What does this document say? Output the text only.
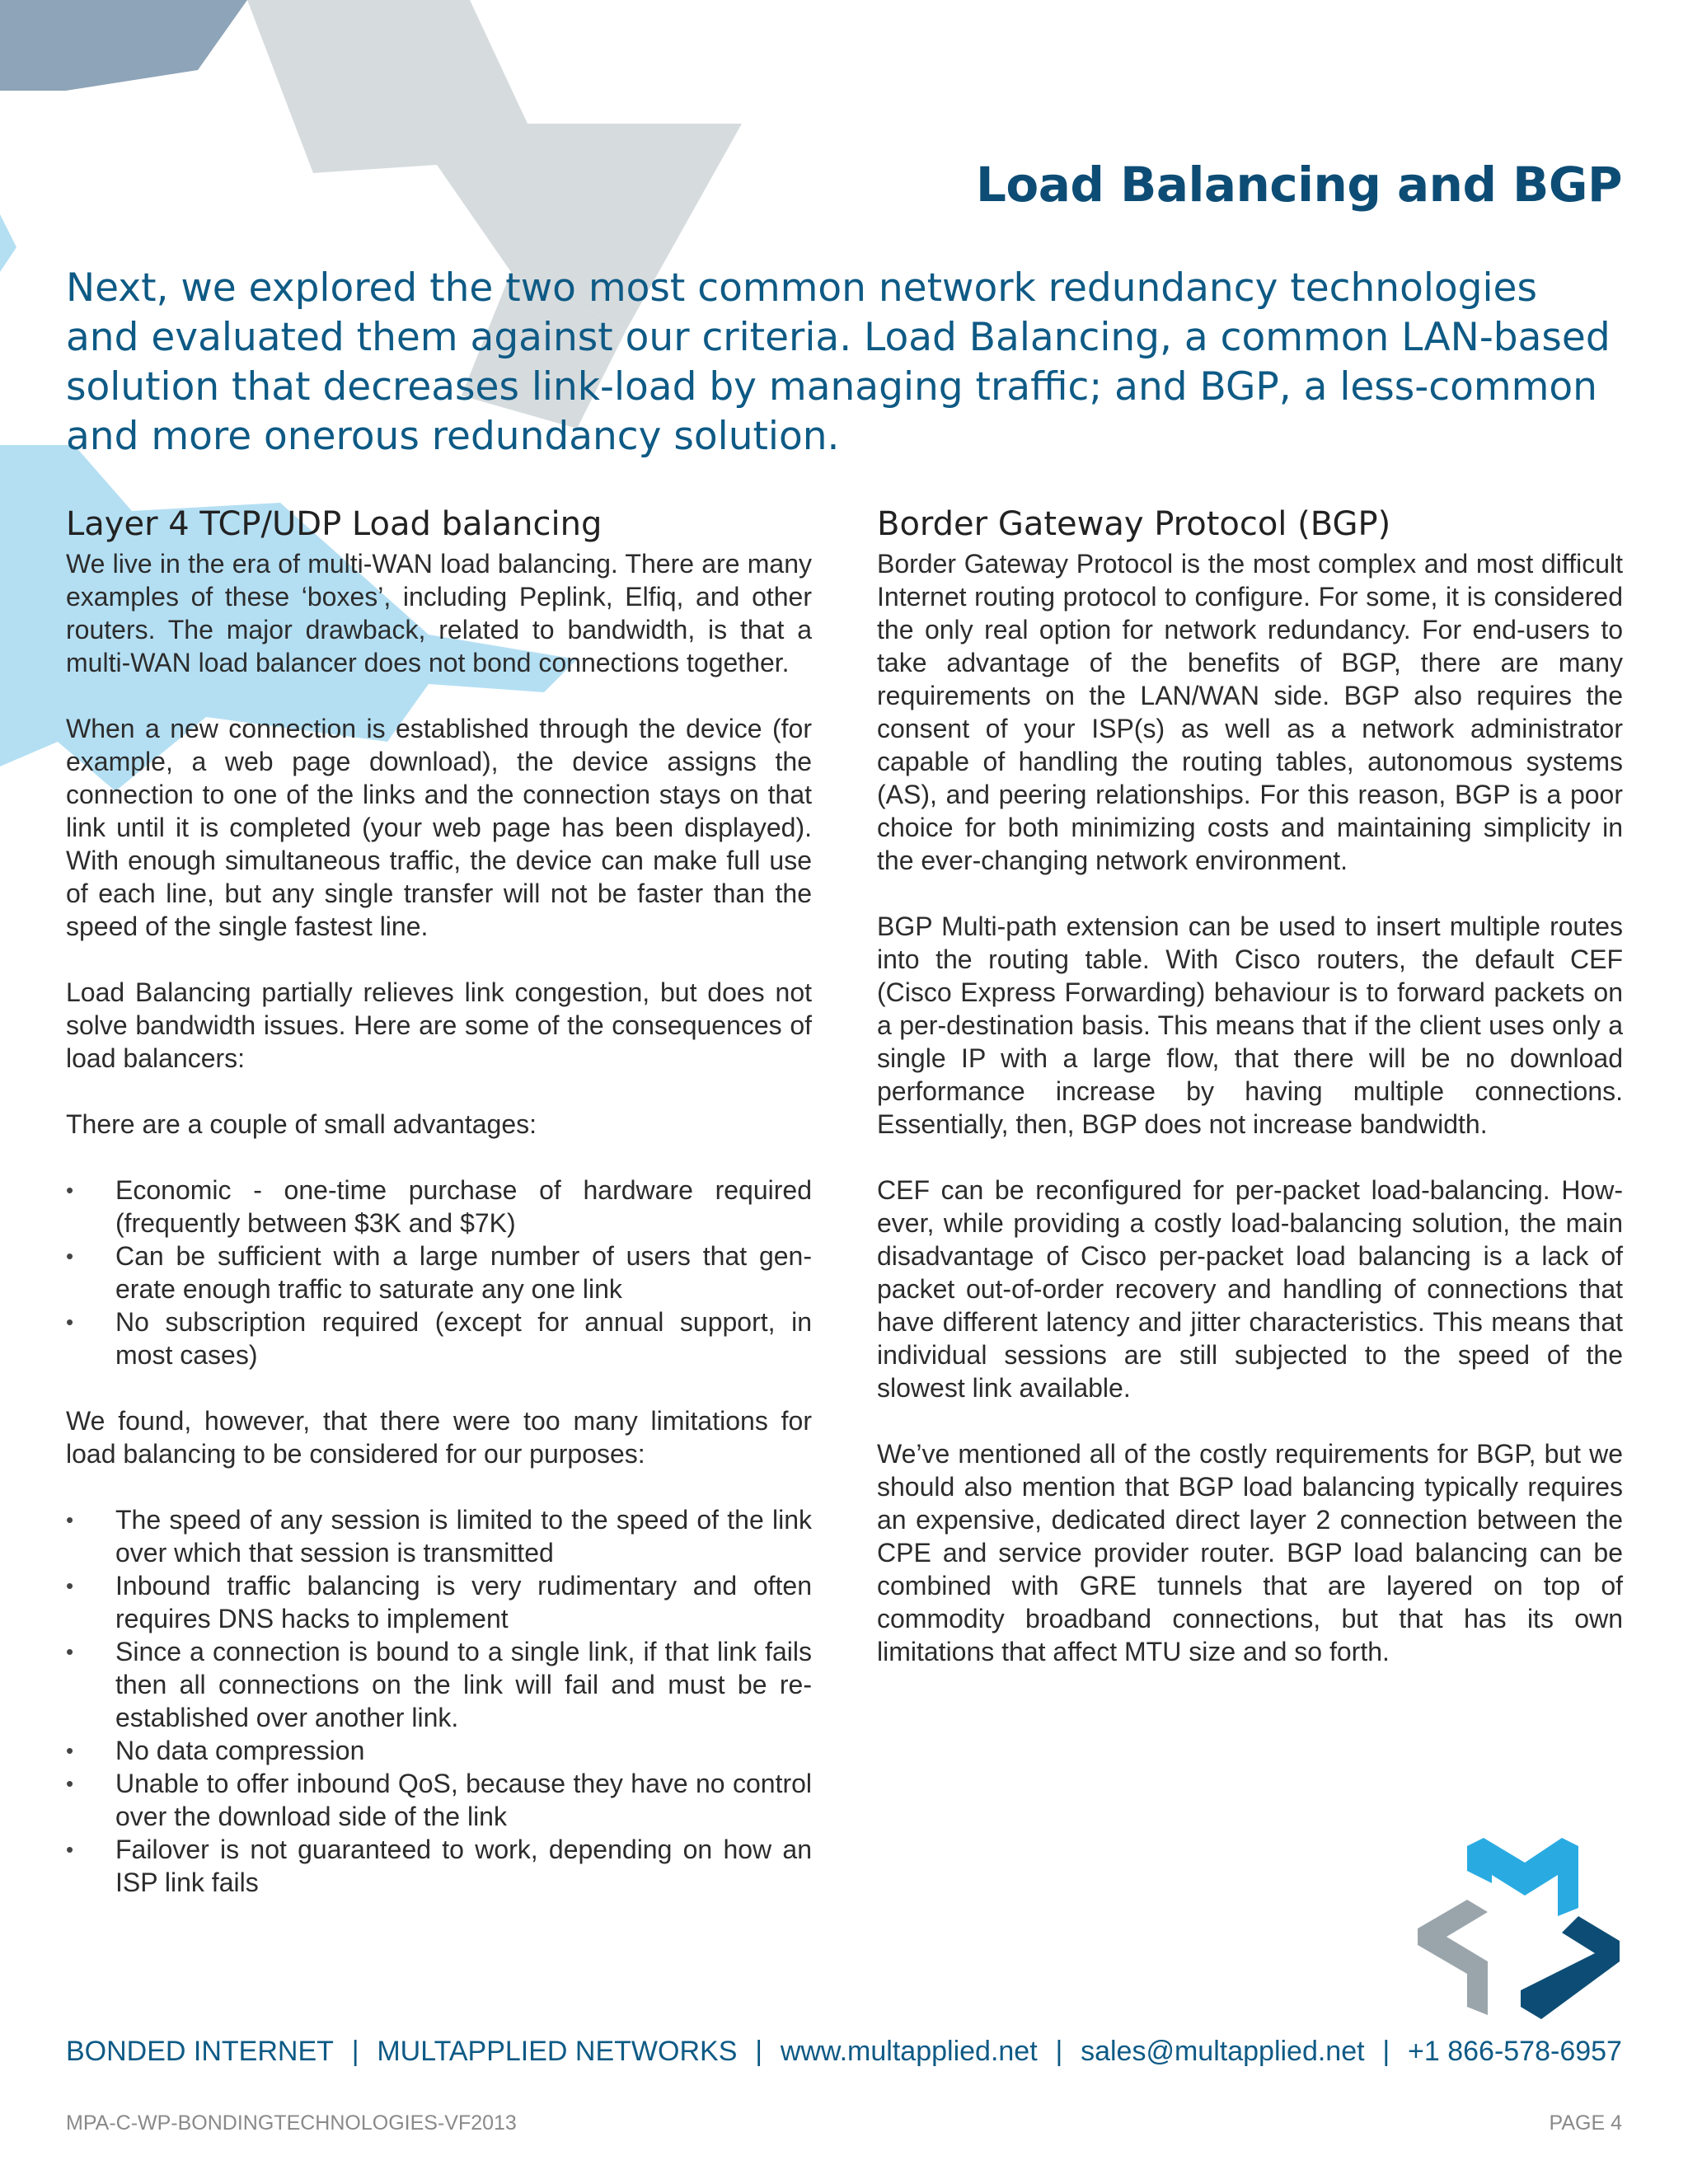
Load Balancing and BGP

Next, we explored the two most common network redundancy technologies and evaluated them against our criteria. Load Balancing, a common LAN-based solution that decreases link-load by managing traffic; and BGP, a less-common and more onerous redundancy solution.

Layer 4 TCP/UDP Load balancing

We live in the era of multi-WAN load balancing. There are many examples of these ‘boxes’, including Peplink, Elfiq, and other routers. The major drawback, related to bandwidth, is that a multi-WAN load balancer does not bond connections together.

When a new connection is established through the device (for example, a web page download), the device assigns the connection to one of the links and the connection stays on that link until it is completed (your web page has been displayed). With enough simultaneous traffic, the device can make full use of each line, but any single transfer will not be faster than the speed of the single fastest line.

Load Balancing partially relieves link congestion, but does not solve bandwidth issues. Here are some of the consequences of load balancers:

There are a couple of small advantages:

•	Economic - one-time purchase of hardware required (frequently between $3K and $7K)
•	Can be sufficient with a large number of users that generate enough traffic to saturate any one link
•	No subscription required (except for annual support, in most cases)

We found, however, that there were too many limitations for load balancing to be considered for our purposes:

•	The speed of any session is limited to the speed of the link over which that session is transmitted
•	Inbound traffic balancing is very rudimentary and often requires DNS hacks to implement
•	Since a connection is bound to a single link, if that link fails then all connections on the link will fail and must be re-established over another link.
•	No data compression
•	Unable to offer inbound QoS, because they have no control over the download side of the link
•	Failover is not guaranteed to work, depending on how an ISP link fails
Border Gateway Protocol (BGP)

Border Gateway Protocol is the most complex and most difficult Internet routing protocol to configure. For some, it is considered the only real option for network redundancy. For end-users to take advantage of the benefits of BGP, there are many requirements on the LAN/WAN side. BGP also requires the consent of your ISP(s) as well as a network administrator capable of handling the routing tables, autonomous systems (AS), and peering relationships. For this reason, BGP is a poor choice for both minimizing costs and maintaining simplicity in the ever-changing network environment.

BGP Multi-path extension can be used to insert multiple routes into the routing table. With Cisco routers, the default CEF (Cisco Express Forwarding) behaviour is to forward packets on a per-destination basis. This means that if the client uses only a single IP with a large flow, that there will be no download performance increase by having multiple connections. Essentially, then, BGP does not increase bandwidth.

CEF can be reconfigured for per-packet load-balancing. However, while providing a costly load-balancing solution, the main disadvantage of Cisco per-packet load balancing is a lack of packet out-of-order recovery and handling of connections that have different latency and jitter characteristics. This means that individual sessions are still subjected to the speed of the slowest link available.

We’ve mentioned all of the costly requirements for BGP, but we should also mention that BGP load balancing typically requires an expensive, dedicated direct layer 2 connection between the CPE and service provider router. BGP load balancing can be combined with GRE tunnels that are layered on top of commodity broadband connections, but that has its own limitations that affect MTU size and so forth.

BONDED INTERNET | MULTAPPLIED NETWORKS | www.multapplied.net | sales@multapplied.net | +1 866-578-6957
MPA-C-WP-BONDINGTECHNOLOGIES-VF2013	PAGE 4
